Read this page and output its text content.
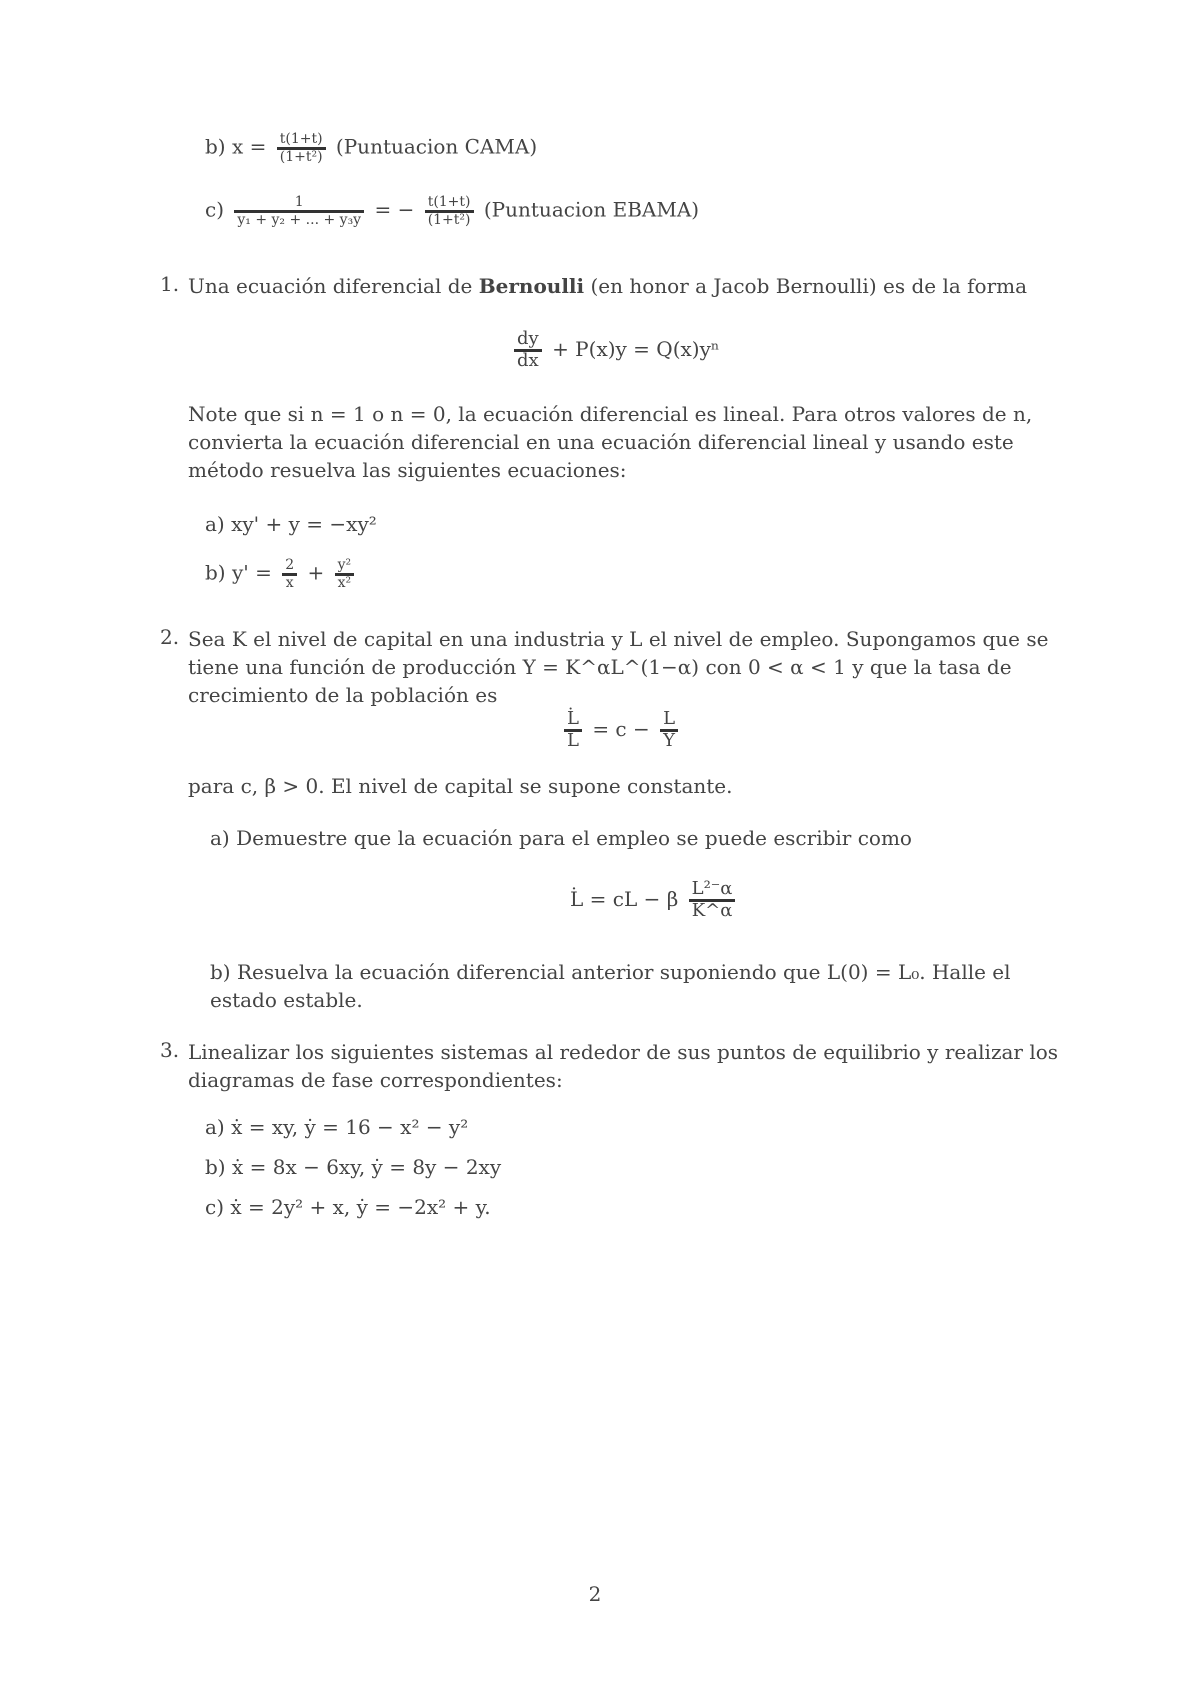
b) $x = \frac{t(1+t)}{\text{(1+t²)}}$ (Puntuacion CAMA)
$c) \frac{1}{\text{y₁ + y₂ + ... + y₃y}}$ = − $\frac{t(1+t)}{\text{(1+t²)}}$ (Puntuacion EBAMA)
1. Una ecuación diferencial de Bernoulli (en honor a Jacob Bernoulli) es de la forma
$\frac{dy}{dx} + P(x)y = Q(x)y^n$
Note que si n = 1 o n = 0, la ecuación diferencial es lineal. Para otros valores de n, convierta la ecuación diferencial en una ecuación diferencial lineal y usando este método resuelva las siguientes ecuaciones:
a) xy' + y = −xy²
b) $y' = \frac{2}{x} + \frac{\text{y²}}{\text{x²}}$
2. Sea K el nivel de capital en una industria y L el nivel de empleo. Supongamos que se tiene una función de producción Y = K^αL^(1−α) con 0 < α < 1 y que la tasa de crecimiento de la población es
$\frac{L̇}{L} = c - \frac{L}{Y}$
para c, β > 0. El nivel de capital se supone constante.
a) Demuestre que la ecuación para el empleo se puede escribir como
L̇ = cL − β $\frac{\text{L²⁻α}}{K\^{}\alpha}$
b) Resuelva la ecuación diferencial anterior suponiendo que L(0) = L₀. Halle el estado estable.
3. Linealizar los siguientes sistemas al rededor de sus puntos de equilibrio y realizar los diagramas de fase correspondientes:
a) ẋ = xy, ẏ = 16 − x² − y²
b) ẋ = 8x − 6xy, ẏ = 8y − 2xy
c) ẋ = 2y² + x, ẏ = −2x² + y.
2
